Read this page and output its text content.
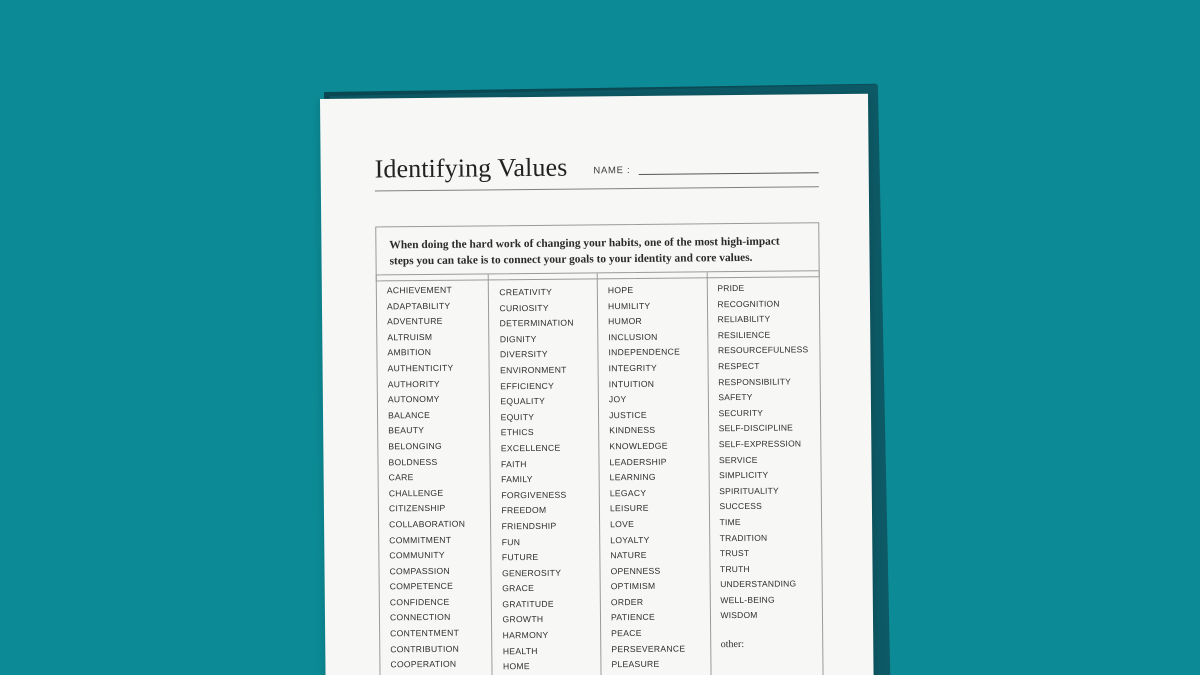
Identifying Values	NAME :

When doing the hard work of changing your habits, one of the most high-impact steps you can take is to connect your goals to your identity and core values.

ACHIEVEMENT
ADAPTABILITY
ADVENTURE
ALTRUISM
AMBITION
AUTHENTICITY
AUTHORITY
AUTONOMY
BALANCE
BEAUTY
BELONGING
BOLDNESS
CARE
CHALLENGE
CITIZENSHIP
COLLABORATION
COMMITMENT
COMMUNITY
COMPASSION
COMPETENCE
CONFIDENCE
CONNECTION
CONTENTMENT
CONTRIBUTION
COOPERATION
CREATIVITY
CURIOSITY
DETERMINATION
DIGNITY
DIVERSITY
ENVIRONMENT
EFFICIENCY
EQUALITY
EQUITY
ETHICS
EXCELLENCE
FAITH
FAMILY
FORGIVENESS
FREEDOM
FRIENDSHIP
FUN
FUTURE
GENEROSITY
GRACE
GRATITUDE
GROWTH
HARMONY
HEALTH
HOME
HOPE
HUMILITY
HUMOR
INCLUSION
INDEPENDENCE
INTEGRITY
INTUITION
JOY
JUSTICE
KINDNESS
KNOWLEDGE
LEADERSHIP
LEARNING
LEGACY
LEISURE
LOVE
LOYALTY
NATURE
OPENNESS
OPTIMISM
ORDER
PATIENCE
PEACE
PERSEVERANCE
PLEASURE
PRIDE
RECOGNITION
RELIABILITY
RESILIENCE
RESOURCEFULNESS
RESPECT
RESPONSIBILITY
SAFETY
SECURITY
SELF-DISCIPLINE
SELF-EXPRESSION
SERVICE
SIMPLICITY
SPIRITUALITY
SUCCESS
TIME
TRADITION
TRUST
TRUTH
UNDERSTANDING
WELL-BEING
WISDOM
other:
